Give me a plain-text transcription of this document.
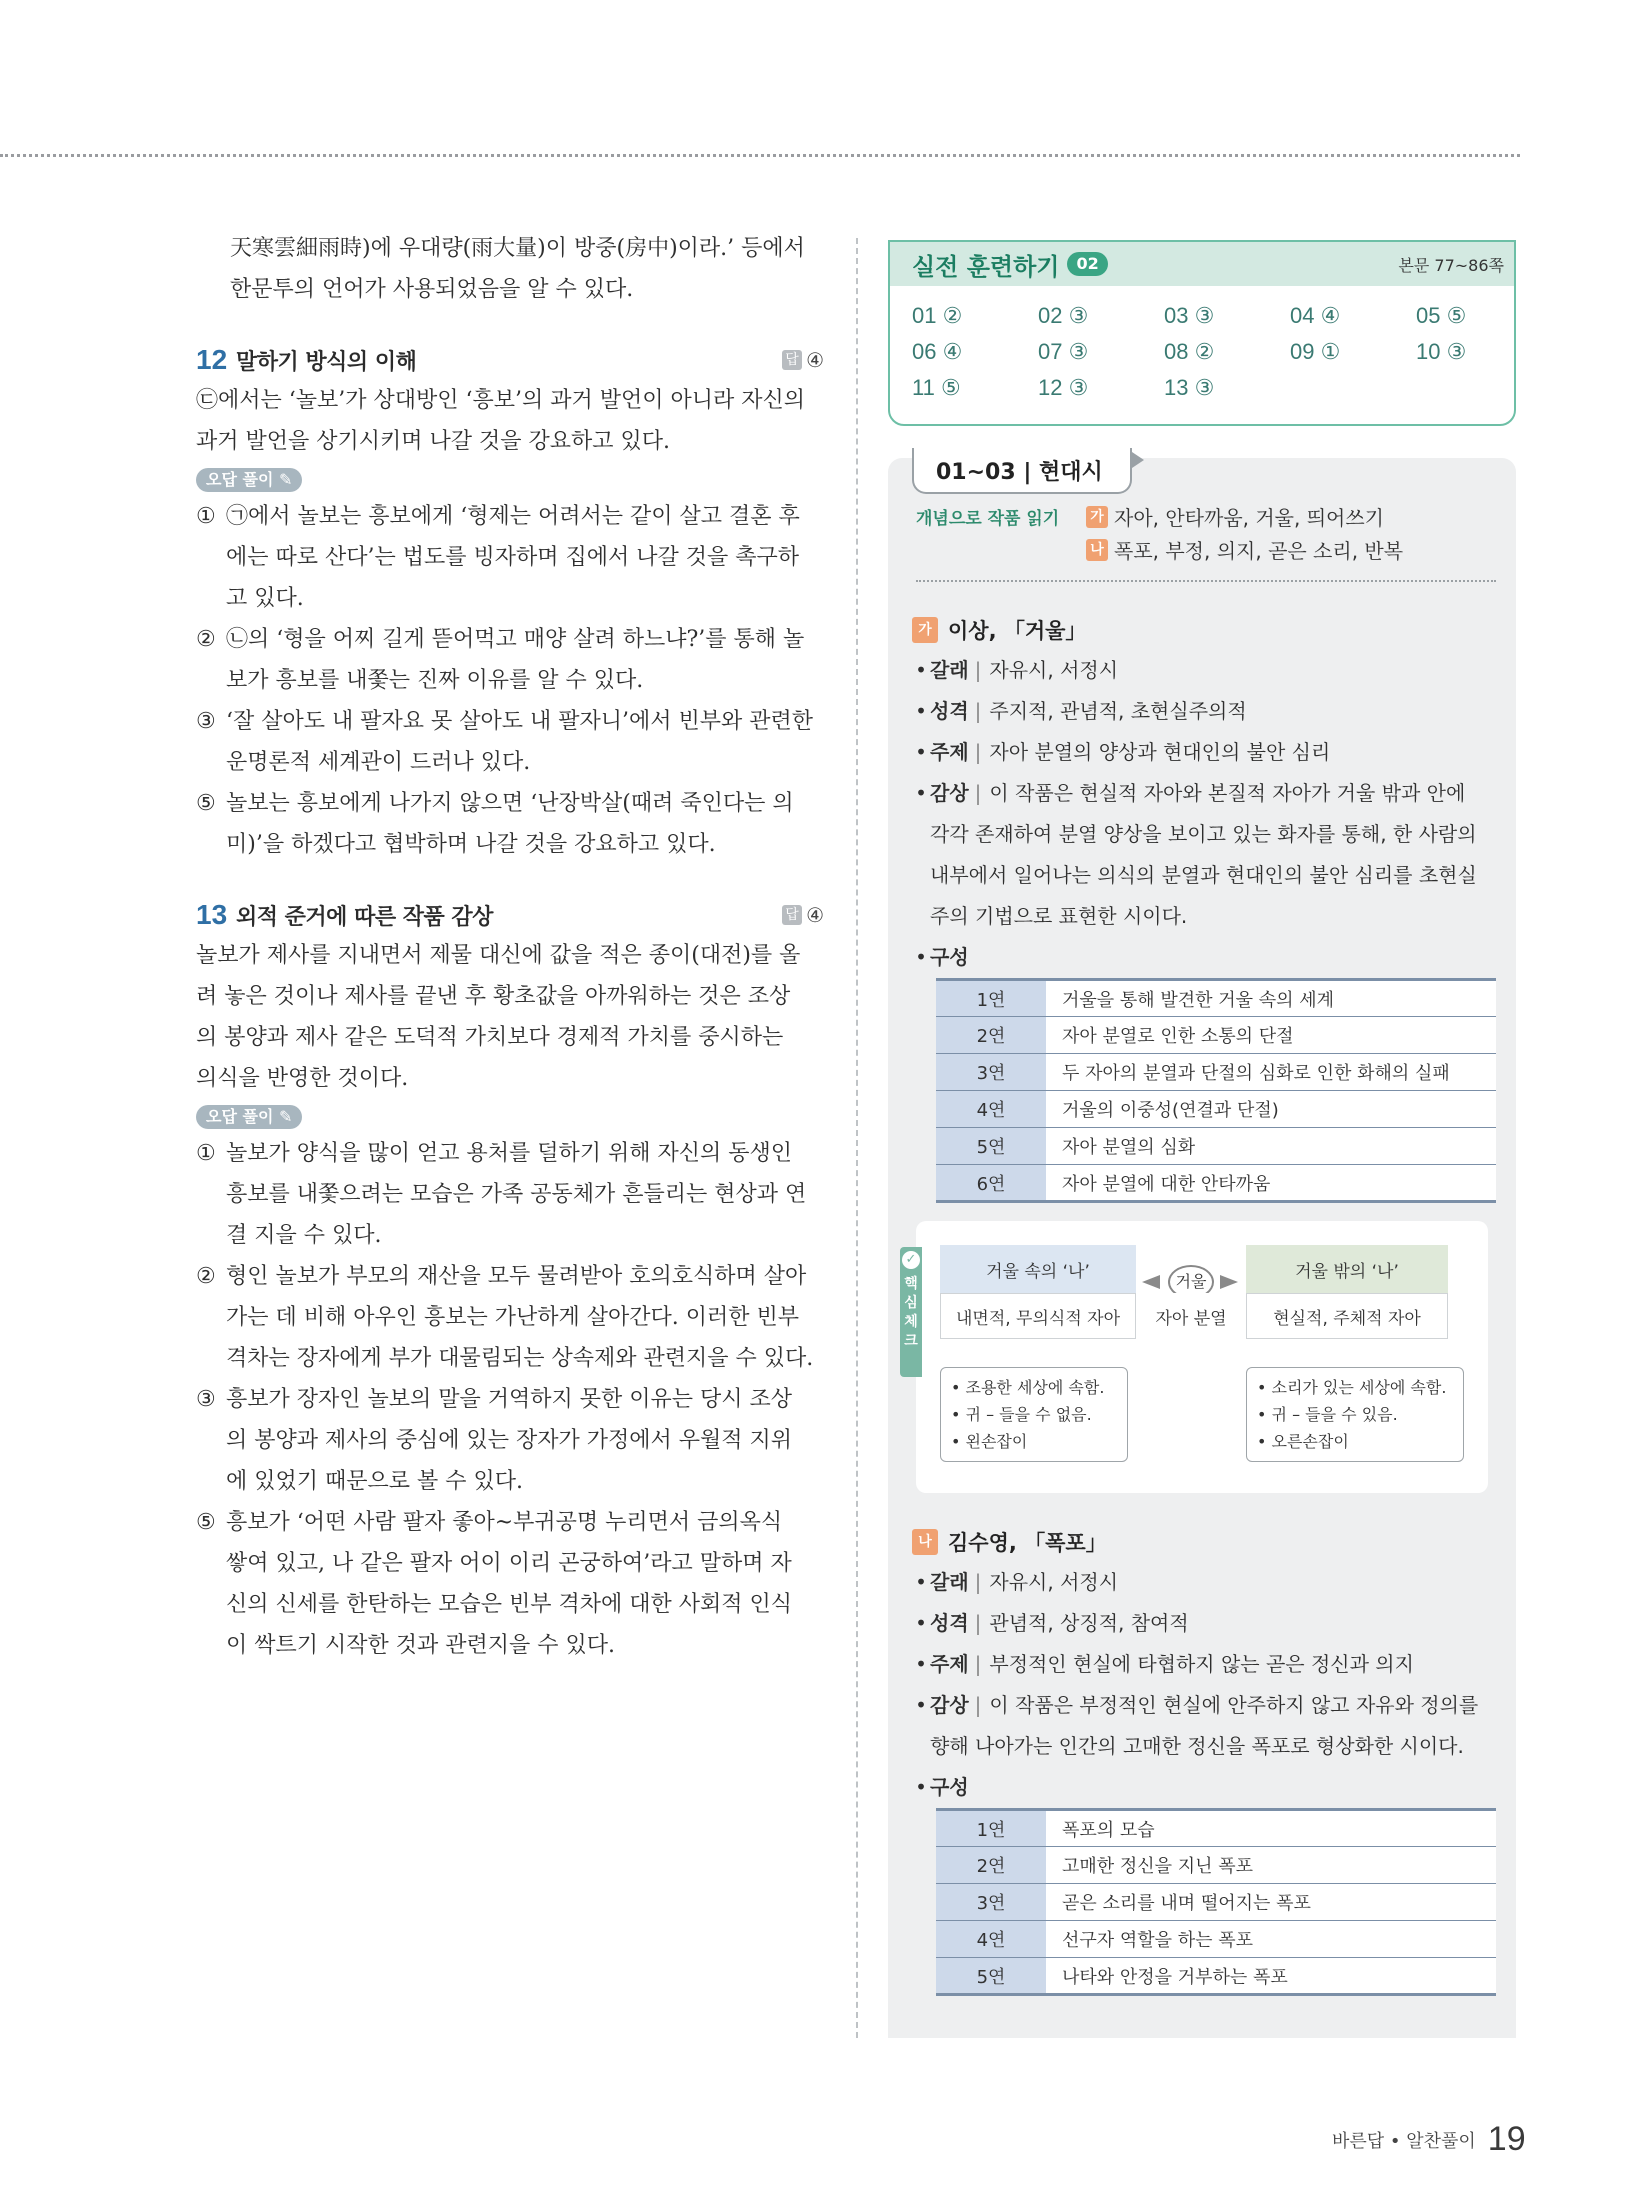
天寒雲細雨時)에 우대량(雨大量)이 방중(房中)이라.’ 등에서
한문투의 언어가 사용되었음을 알 수 있다.
12 말하기 방식의 이해	답 ④
㉢에서는 ‘놀보’가 상대방인 ‘흥보’의 과거 발언이 아니라 자신의
과거 발언을 상기시키며 나갈 것을 강요하고 있다.
오답 풀이 ✎
① ㉠에서 놀보는 흥보에게 ‘형제는 어려서는 같이 살고 결혼 후
에는 따로 산다’는 법도를 빙자하며 집에서 나갈 것을 촉구하
고 있다.
② ㉡의 ‘형을 어찌 길게 뜯어먹고 매양 살려 하느냐?’를 통해 놀
보가 흥보를 내쫓는 진짜 이유를 알 수 있다.
③ ‘잘 살아도 내 팔자요 못 살아도 내 팔자니’에서 빈부와 관련한
운명론적 세계관이 드러나 있다.
⑤ 놀보는 흥보에게 나가지 않으면 ‘난장박살(때려 죽인다는 의
미)’을 하겠다고 협박하며 나갈 것을 강요하고 있다.
13 외적 준거에 따른 작품 감상	답 ④
놀보가 제사를 지내면서 제물 대신에 값을 적은 종이(대전)를 올
려 놓은 것이나 제사를 끝낸 후 황초값을 아까워하는 것은 조상
의 봉양과 제사 같은 도덕적 가치보다 경제적 가치를 중시하는
의식을 반영한 것이다.
오답 풀이 ✎
① 놀보가 양식을 많이 얻고 용처를 덜하기 위해 자신의 동생인
흥보를 내쫓으려는 모습은 가족 공동체가 흔들리는 현상과 연
결 지을 수 있다.
② 형인 놀보가 부모의 재산을 모두 물려받아 호의호식하며 살아
가는 데 비해 아우인 흥보는 가난하게 살아간다. 이러한 빈부
격차는 장자에게 부가 대물림되는 상속제와 관련지을 수 있다.
③ 흥보가 장자인 놀보의 말을 거역하지 못한 이유는 당시 조상
의 봉양과 제사의 중심에 있는 장자가 가정에서 우월적 지위
에 있었기 때문으로 볼 수 있다.
⑤ 흥보가 ‘어떤 사람 팔자 좋아~부귀공명 누리면서 금의옥식
쌓여 있고, 나 같은 팔자 어이 이리 곤궁하여’라고 말하며 자
신의 신세를 한탄하는 모습은 빈부 격차에 대한 사회적 인식
이 싹트기 시작한 것과 관련지을 수 있다.
실전 훈련하기	02	본문 77~86쪽
01 ②	02 ③	03 ③	04 ④	05 ⑤
06 ④	07 ③	08 ②	09 ①	10 ③
11 ⑤	12 ③	13 ③
01~03 | 현대시
개념으로 작품 읽기	가 자아, 안타까움, 거울, 띄어쓰기
나 폭포, 부정, 의지, 곧은 소리, 반복
가 이상, 「거울」
• 갈래 | 자유시, 서정시
• 성격 | 주지적, 관념적, 초현실주의적
• 주제 | 자아 분열의 양상과 현대인의 불안 심리
• 감상 | 이 작품은 현실적 자아와 본질적 자아가 거울 밖과 안에
각각 존재하여 분열 양상을 보이고 있는 화자를 통해, 한 사람의
내부에서 일어나는 의식의 분열과 현대인의 불안 심리를 초현실
주의 기법으로 표현한 시이다.
• 구성
1연	거울을 통해 발견한 거울 속의 세계
2연	자아 분열로 인한 소통의 단절
3연	두 자아의 분열과 단절의 심화로 인한 화해의 실패
4연	거울의 이중성(연결과 단절)
5연	자아 분열의 심화
6연	자아 분열에 대한 안타까움
✓
핵
심
체
크
거울 속의 ‘나’
내면적, 무의식적 자아
거울
자아 분열
거울 밖의 ‘나’
현실적, 주체적 자아
• 조용한 세상에 속함.
• 귀 – 들을 수 없음.
• 왼손잡이
• 소리가 있는 세상에 속함.
• 귀 – 들을 수 있음.
• 오른손잡이
나 김수영, 「폭포」
• 갈래 | 자유시, 서정시
• 성격 | 관념적, 상징적, 참여적
• 주제 | 부정적인 현실에 타협하지 않는 곧은 정신과 의지
• 감상 | 이 작품은 부정적인 현실에 안주하지 않고 자유와 정의를
향해 나아가는 인간의 고매한 정신을 폭포로 형상화한 시이다.
• 구성
1연	폭포의 모습
2연	고매한 정신을 지닌 폭포
3연	곧은 소리를 내며 떨어지는 폭포
4연	선구자 역할을 하는 폭포
5연	나타와 안정을 거부하는 폭포
바른답 • 알찬풀이 19
